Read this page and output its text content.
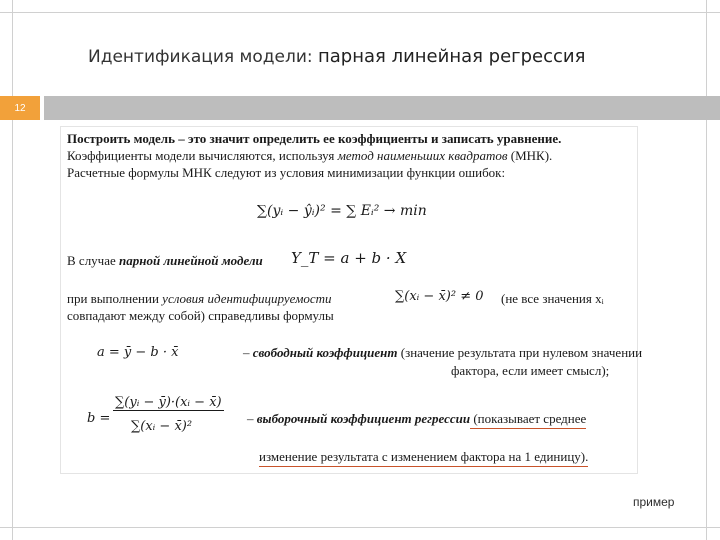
Идентификация модели: парная линейная регрессия
12
Построить модель – это значит определить ее коэффициенты и записать уравнение.
Коэффициенты модели вычисляются, используя метод наименьших квадратов (МНК).
Расчетные формулы МНК следуют из условия минимизации функции ошибок:
∑(yᵢ − ŷᵢ)² = ∑ Eᵢ² → min
В случае парной линейной модели Y_T = a + b · X
при выполнении условия идентифицируемости	∑(xᵢ − x̄)² ≠ 0 (не все значения xᵢ
совпадают между собой) справедливы формулы
a = ȳ − b · x̄	– свободный коэффициент (значение результата при нулевом значении
фактора, если имеет смысл);
b =
∑(yᵢ − ȳ)·(xᵢ − x̄)
∑(xᵢ − x̄)²
– выборочный коэффициент регрессии (показывает среднее
изменение результата с изменением фактора на 1 единицу).
пример
